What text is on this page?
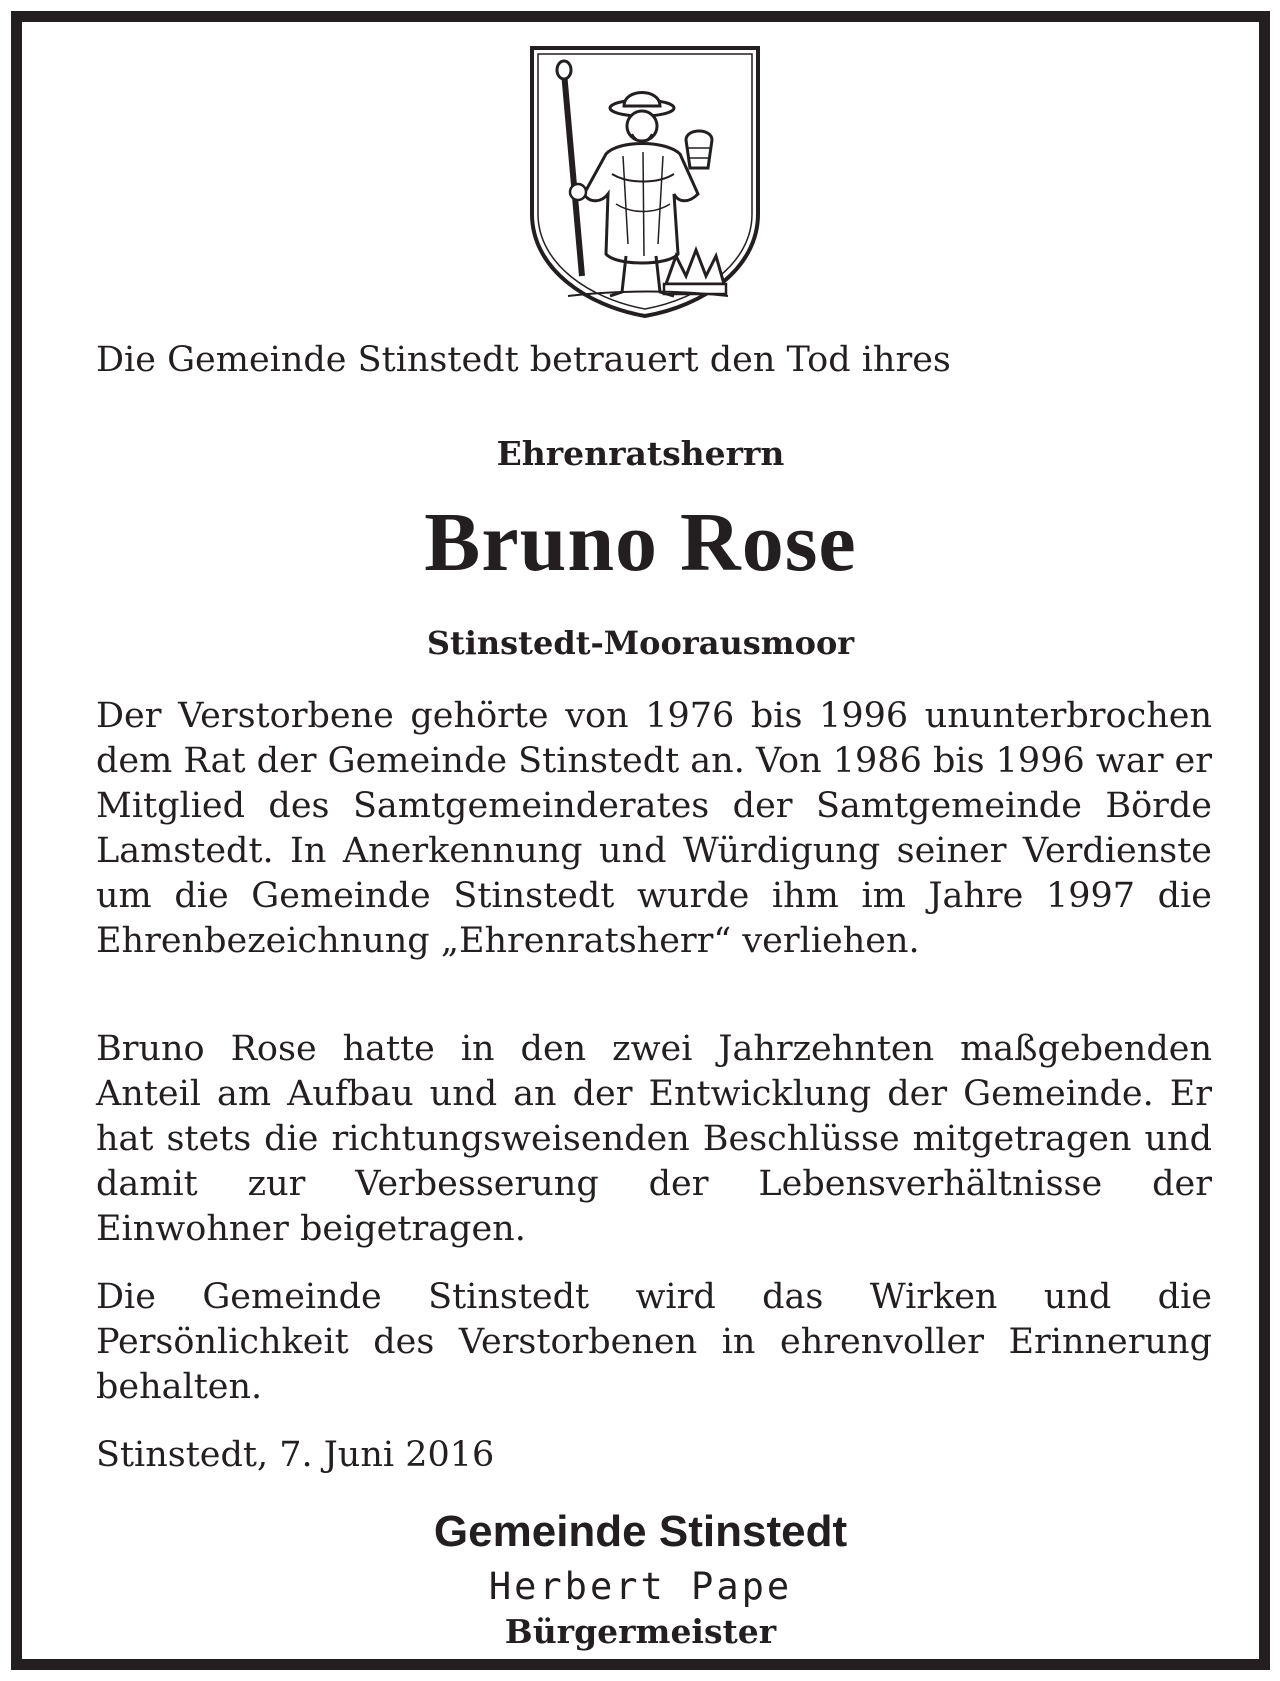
Die Gemeinde Stinstedt betrauert den Tod ihres
Ehrenratsherrn
Bruno Rose
Stinstedt-Moorausmoor
Der Verstorbene gehörte von 1976 bis 1996 ununterbrochen dem Rat der Gemeinde Stinstedt an. Von 1986 bis 1996 war er Mitglied des Samtgemeinderates der Samtgemeinde Börde Lamstedt. In Anerkennung und Würdigung seiner Verdienste um die Gemeinde Stinstedt wurde ihm im Jahre 1997 die Ehrenbezeichnung „Ehrenratsherr“ verliehen.
Bruno Rose hatte in den zwei Jahrzehnten maßgebenden Anteil am Aufbau und an der Entwicklung der Gemeinde. Er hat stets die richtungsweisenden Beschlüsse mitgetragen und damit zur Verbesserung der Lebensverhältnisse der Einwohner beigetragen.
Die Gemeinde Stinstedt wird das Wirken und die Persönlichkeit des Verstorbenen in ehrenvoller Erinnerung behalten.
Stinstedt, 7. Juni 2016
Gemeinde Stinstedt
Herbert Pape
Bürgermeister
